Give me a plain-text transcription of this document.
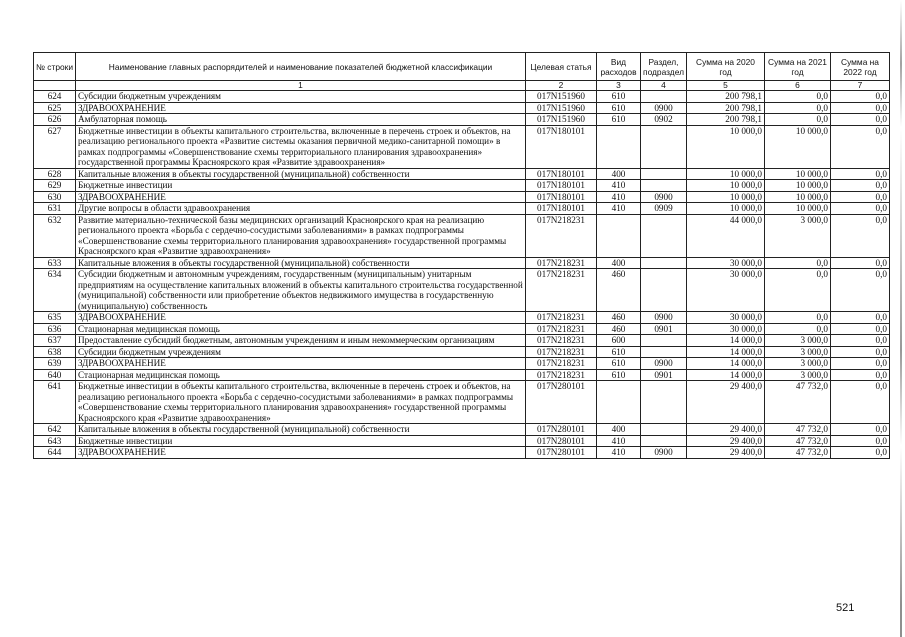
№ строки	Наименование главных распорядителей и наименование показателей бюджетной классификации	Целевая статья	Вид расходов	Раздел, подраздел	Сумма на 2020 год	Сумма на 2021 год	Сумма на 2022 год
	1	2	3	4	5	6	7
624	Субсидии бюджетным учреждениям	017N151960	610		200 798,1	0,0	0,0
625	ЗДРАВООХРАНЕНИЕ	017N151960	610	0900	200 798,1	0,0	0,0
626	Амбулаторная помощь	017N151960	610	0902	200 798,1	0,0	0,0
627	Бюджетные инвестиции в объекты капитального строительства, включенные в перечень строек и объектов, на реализацию регионального проекта «Развитие системы оказания первичной медико-санитарной помощи» в рамках подпрограммы «Совершенствование схемы территориального планирования здравоохранения» государственной программы Красноярского края «Развитие здравоохранения»	017N180101			10 000,0	10 000,0	0,0
628	Капитальные вложения в объекты государственной (муниципальной) собственности	017N180101	400		10 000,0	10 000,0	0,0
629	Бюджетные инвестиции	017N180101	410		10 000,0	10 000,0	0,0
630	ЗДРАВООХРАНЕНИЕ	017N180101	410	0900	10 000,0	10 000,0	0,0
631	Другие вопросы в области здравоохранения	017N180101	410	0909	10 000,0	10 000,0	0,0
632	Развитие материально-технической базы медицинских организаций Красноярского края на реализацию регионального проекта «Борьба с сердечно-сосудистыми заболеваниями» в рамках подпрограммы «Совершенствование схемы территориального планирования здравоохранения» государственной программы Красноярского края «Развитие здравоохранения»	017N218231			44 000,0	3 000,0	0,0
633	Капитальные вложения в объекты государственной (муниципальной) собственности	017N218231	400		30 000,0	0,0	0,0
634	Субсидии бюджетным и автономным учреждениям, государственным (муниципальным) унитарным предприятиям на осуществление капитальных вложений в объекты капитального строительства государственной (муниципальной) собственности или приобретение объектов недвижимого имущества в государственную (муниципальную) собственность	017N218231	460		30 000,0	0,0	0,0
635	ЗДРАВООХРАНЕНИЕ	017N218231	460	0900	30 000,0	0,0	0,0
636	Стационарная медицинская помощь	017N218231	460	0901	30 000,0	0,0	0,0
637	Предоставление субсидий бюджетным, автономным учреждениям и иным некоммерческим организациям	017N218231	600		14 000,0	3 000,0	0,0
638	Субсидии бюджетным учреждениям	017N218231	610		14 000,0	3 000,0	0,0
639	ЗДРАВООХРАНЕНИЕ	017N218231	610	0900	14 000,0	3 000,0	0,0
640	Стационарная медицинская помощь	017N218231	610	0901	14 000,0	3 000,0	0,0
641	Бюджетные инвестиции в объекты капитального строительства, включенные в перечень строек и объектов, на реализацию регионального проекта «Борьба с сердечно-сосудистыми заболеваниями» в рамках подпрограммы «Совершенствование схемы территориального планирования здравоохранения» государственной программы Красноярского края «Развитие здравоохранения»	017N280101			29 400,0	47 732,0	0,0
642	Капитальные вложения в объекты государственной (муниципальной) собственности	017N280101	400		29 400,0	47 732,0	0,0
643	Бюджетные инвестиции	017N280101	410		29 400,0	47 732,0	0,0
644	ЗДРАВООХРАНЕНИЕ	017N280101	410	0900	29 400,0	47 732,0	0,0
521
